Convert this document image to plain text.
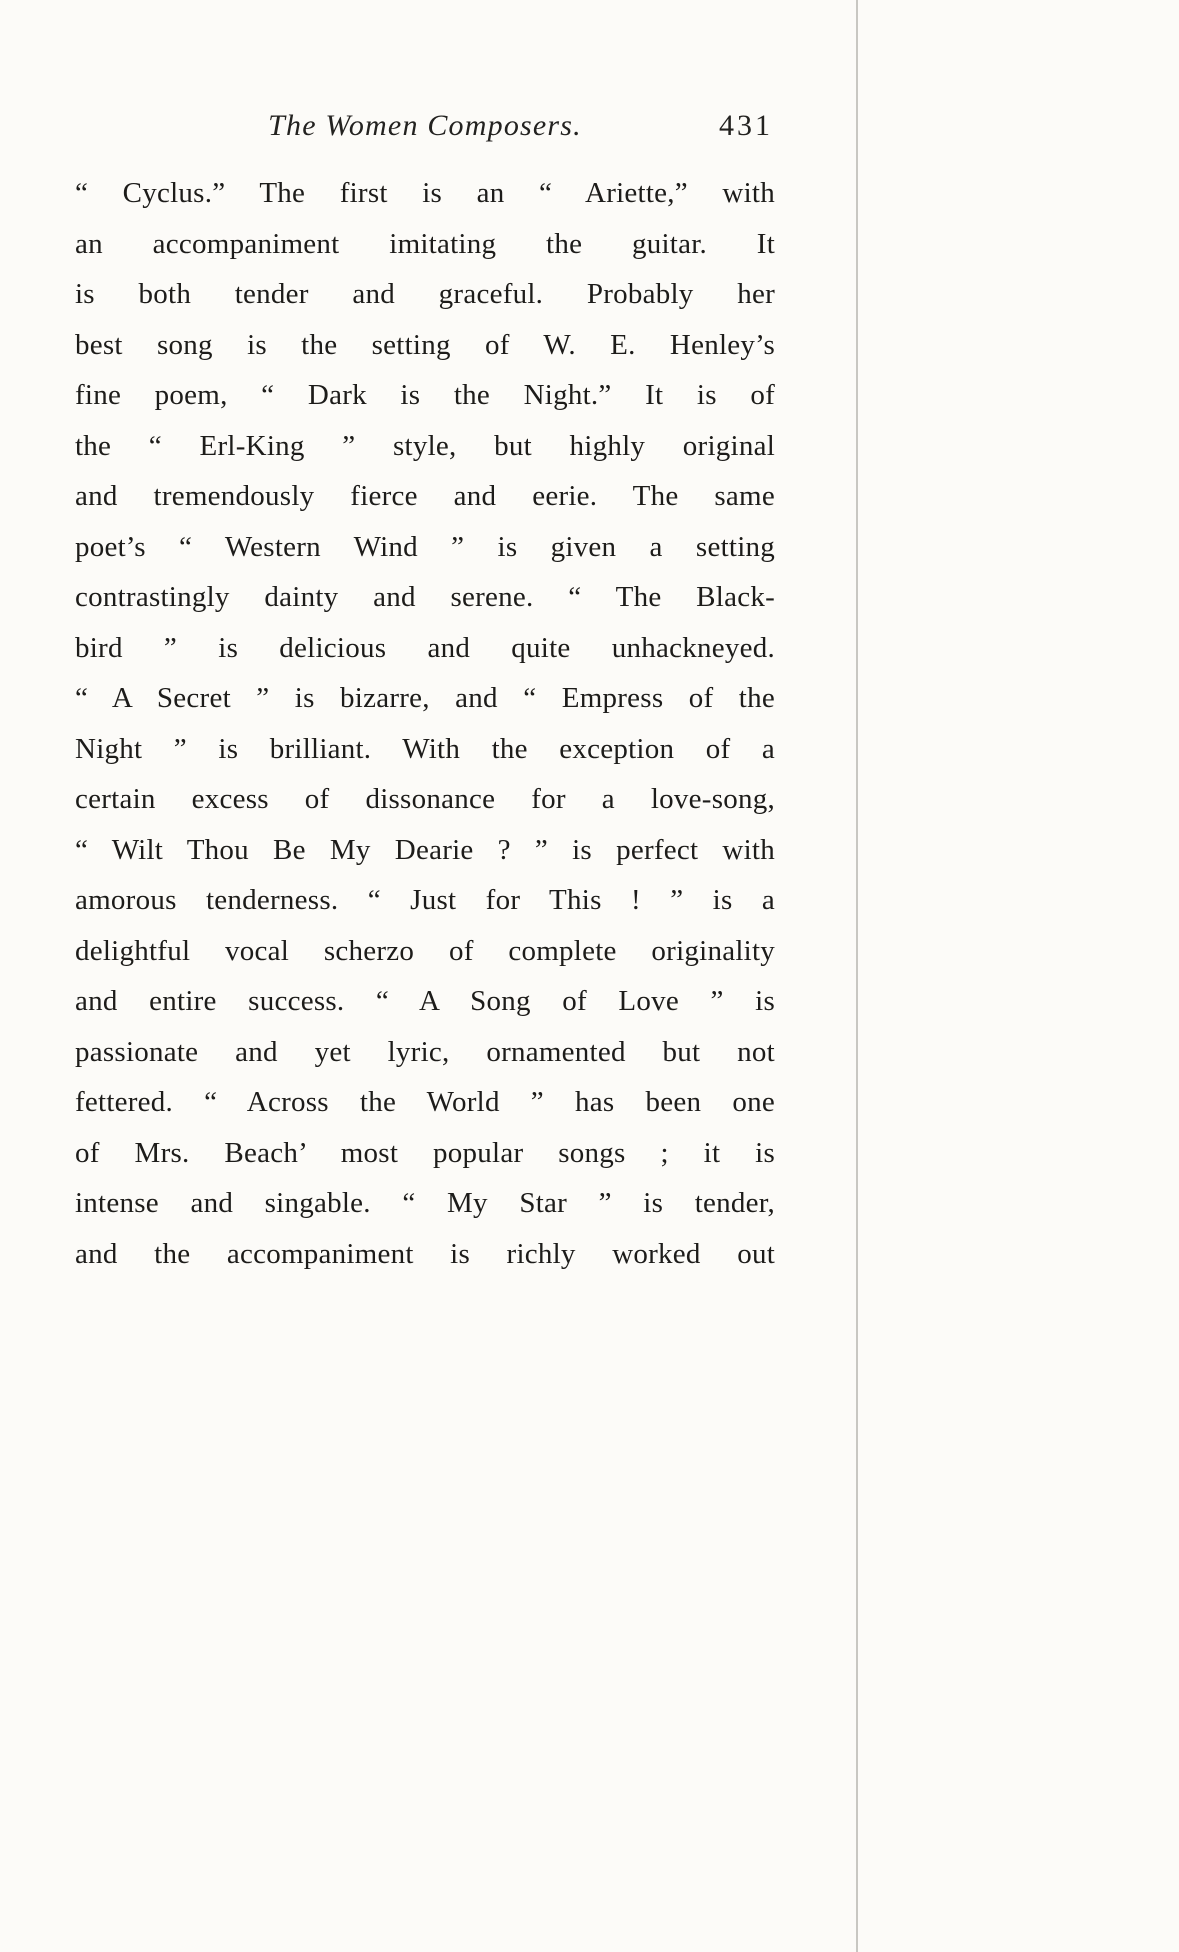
The Women Composers.	431
“ Cyclus.” The first is an “ Ariette,” with
an accompaniment imitating the guitar. It
is both tender and graceful. Probably her
best song is the setting of W. E. Henley’s
fine poem, “ Dark is the Night.” It is of
the “ Erl-King ” style, but highly original
and tremendously fierce and eerie. The same
poet’s “ Western Wind ” is given a setting
contrastingly dainty and serene. “ The Black-
bird ” is delicious and quite unhackneyed.
“ A Secret ” is bizarre, and “ Empress of the
Night ” is brilliant. With the exception of a
certain excess of dissonance for a love-song,
“ Wilt Thou Be My Dearie ? ” is perfect with
amorous tenderness. “ Just for This ! ” is a
delightful vocal scherzo of complete originality
and entire success. “ A Song of Love ” is
passionate and yet lyric, ornamented but not
fettered. “ Across the World ” has been one
of Mrs. Beach’ most popular songs ; it is
intense and singable. “ My Star ” is tender,
and the accompaniment is richly worked out
